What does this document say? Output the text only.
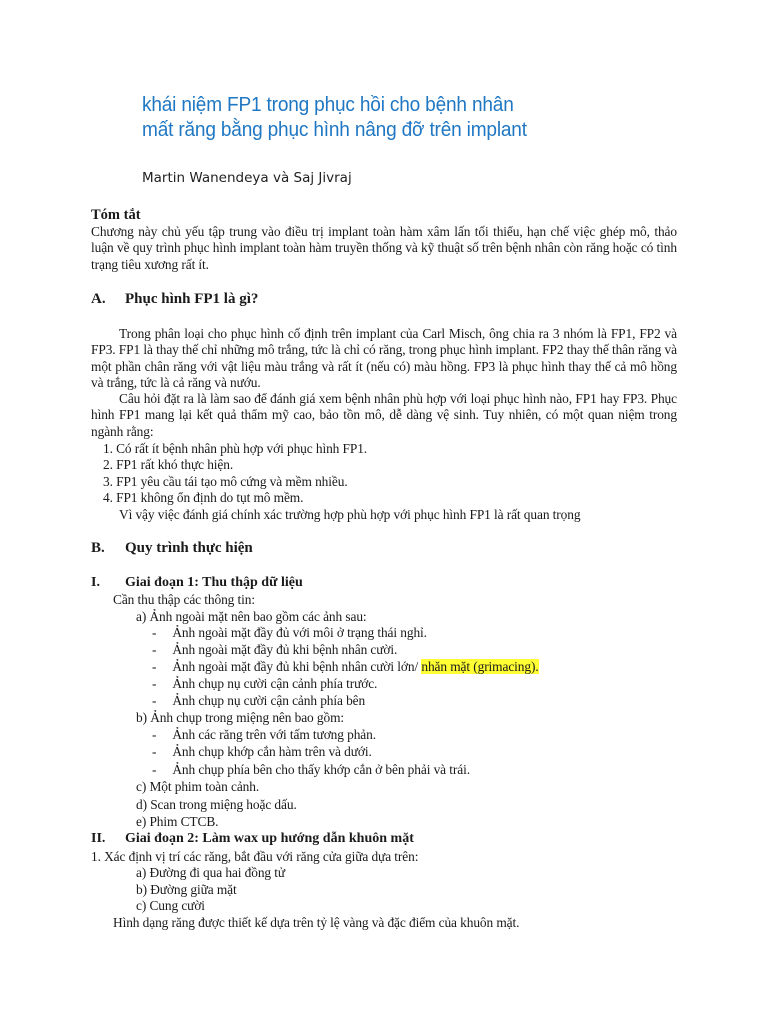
khái niệm FP1 trong phục hồi cho bệnh nhân
mất răng bằng phục hình nâng đỡ trên implant
Martin Wanendeya và Saj Jivraj
Tóm tắt
Chương này chủ yếu tập trung vào điều trị implant toàn hàm xâm lấn tối thiểu, hạn chế việc ghép mô, thảo luận về quy trình phục hình implant toàn hàm truyền thống và kỹ thuật số trên bệnh nhân còn răng hoặc có tình trạng tiêu xương rất ít.
A. Phục hình FP1 là gì?
Trong phân loại cho phục hình cố định trên implant của Carl Misch, ông chia ra 3 nhóm là FP1, FP2 và FP3. FP1 là thay thế chỉ những mô trắng, tức là chỉ có răng, trong phục hình implant. FP2 thay thế thân răng và một phần chân răng với vật liệu màu trắng và rất ít (nếu có) màu hồng. FP3 là phục hình thay thế cả mô hồng và trắng, tức là cả răng và nướu.
Câu hỏi đặt ra là làm sao để đánh giá xem bệnh nhân phù hợp với loại phục hình nào, FP1 hay FP3. Phục hình FP1 mang lại kết quả thẩm mỹ cao, bảo tồn mô, dễ dàng vệ sinh. Tuy nhiên, có một quan niệm trong ngành rằng:
1. Có rất ít bệnh nhân phù hợp với phục hình FP1.
2. FP1 rất khó thực hiện.
3. FP1 yêu cầu tái tạo mô cứng và mềm nhiều.
4. FP1 không ổn định do tụt mô mềm.
Vì vậy việc đánh giá chính xác trường hợp phù hợp với phục hình FP1 là rất quan trọng
B. Quy trình thực hiện
I. Giai đoạn 1: Thu thập dữ liệu
Cần thu thập các thông tin:
a) Ảnh ngoài mặt nên bao gồm các ảnh sau:
- Ảnh ngoài mặt đầy đủ với môi ở trạng thái nghỉ.
- Ảnh ngoài mặt đầy đủ khi bệnh nhân cười.
- Ảnh ngoài mặt đầy đủ khi bệnh nhân cười lớn/ nhăn mặt (grimacing).
- Ảnh chụp nụ cười cận cảnh phía trước.
- Ảnh chụp nụ cười cận cảnh phía bên
b) Ảnh chụp trong miệng nên bao gồm:
- Ảnh các răng trên với tấm tương phản.
- Ảnh chụp khớp cắn hàm trên và dưới.
- Ảnh chụp phía bên cho thấy khớp cắn ở bên phải và trái.
c) Một phim toàn cảnh.
d) Scan trong miệng hoặc dấu.
e) Phim CTCB.
II. Giai đoạn 2: Làm wax up hướng dẫn khuôn mặt
1. Xác định vị trí các răng, bắt đầu với răng cửa giữa dựa trên:
a) Đường đi qua hai đồng tử
b) Đường giữa mặt
c) Cung cười
Hình dạng răng được thiết kế dựa trên tỷ lệ vàng và đặc điểm của khuôn mặt.
